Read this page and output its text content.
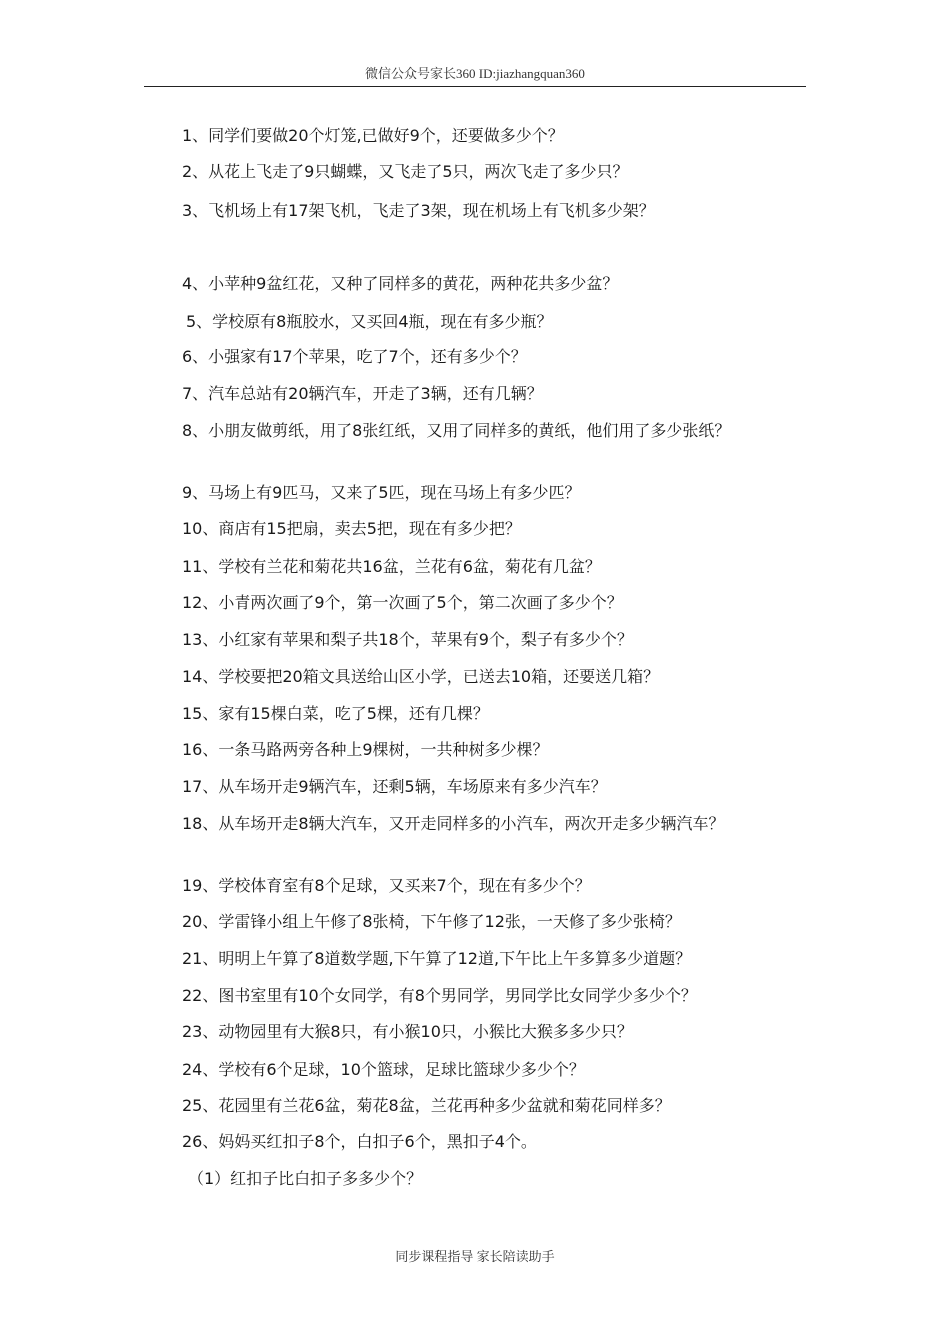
微信公众号家长360 ID:jiazhangquan360
1、同学们要做20个灯笼,已做好9个，还要做多少个？
2、从花上飞走了9只蝴蝶，又飞走了5只，两次飞走了多少只？
3、飞机场上有17架飞机，飞走了3架，现在机场上有飞机多少架？
4、小苹种9盆红花，又种了同样多的黄花，两种花共多少盆？
5、学校原有8瓶胶水，又买回4瓶，现在有多少瓶？
6、小强家有17个苹果，吃了7个，还有多少个？
7、汽车总站有20辆汽车，开走了3辆，还有几辆？
8、小朋友做剪纸，用了8张红纸，又用了同样多的黄纸，他们用了多少张纸？
9、马场上有9匹马，又来了5匹，现在马场上有多少匹？
10、商店有15把扇，卖去5把，现在有多少把？
11、学校有兰花和菊花共16盆，兰花有6盆，菊花有几盆？
12、小青两次画了9个，第一次画了5个，第二次画了多少个？
13、小红家有苹果和梨子共18个，苹果有9个，梨子有多少个？
14、学校要把20箱文具送给山区小学，已送去10箱，还要送几箱？
15、家有15棵白菜，吃了5棵，还有几棵？
16、一条马路两旁各种上9棵树，一共种树多少棵？
17、从车场开走9辆汽车，还剩5辆，车场原来有多少汽车？
18、从车场开走8辆大汽车，又开走同样多的小汽车，两次开走多少辆汽车？
19、学校体育室有8个足球，又买来7个，现在有多少个？
20、学雷锋小组上午修了8张椅，下午修了12张，一天修了多少张椅？
21、明明上午算了8道数学题,下午算了12道,下午比上午多算多少道题？
22、图书室里有10个女同学，有8个男同学，男同学比女同学少多少个？
23、动物园里有大猴8只，有小猴10只，小猴比大猴多多少只？
24、学校有6个足球，10个篮球，足球比篮球少多少个？
25、花园里有兰花6盆，菊花8盆，兰花再种多少盆就和菊花同样多？
26、妈妈买红扣子8个，白扣子6个，黑扣子4个。
（1）红扣子比白扣子多多少个？
同步课程指导 家长陪读助手
